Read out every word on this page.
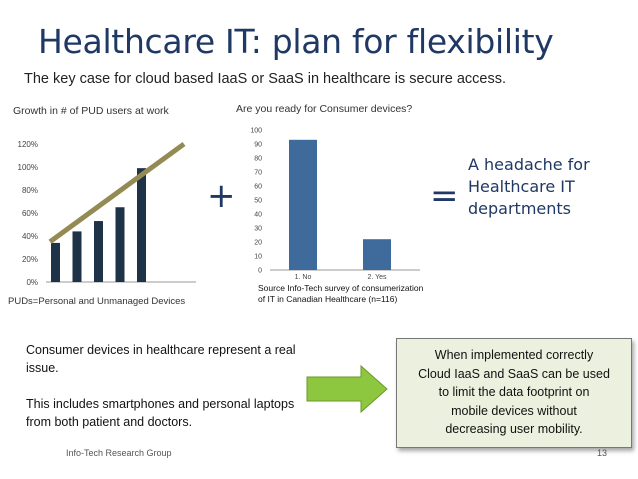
Healthcare IT: plan for flexibility
The key case for cloud based IaaS or SaaS in healthcare is secure access.
Growth in # of PUD users at work
0%
20%
40%
60%
80%
100%
120%
PUDs=Personal and Unmanaged Devices
+
Are you ready for Consumer devices?
0
10
20
30
40
50
60
70
80
90
100
1. No	2. Yes
Source Info-Tech survey of consumerization
of IT in Canadian Healthcare (n=116)
=
A headache for
Healthcare IT
departments

Consumer devices in healthcare represent a real issue.

This includes smartphones and personal laptops from both patient and doctors.

When implemented correctly
Cloud IaaS and SaaS can be used
to limit the data footprint on
mobile devices without
decreasing user mobility.
Info-Tech Research Group	13
